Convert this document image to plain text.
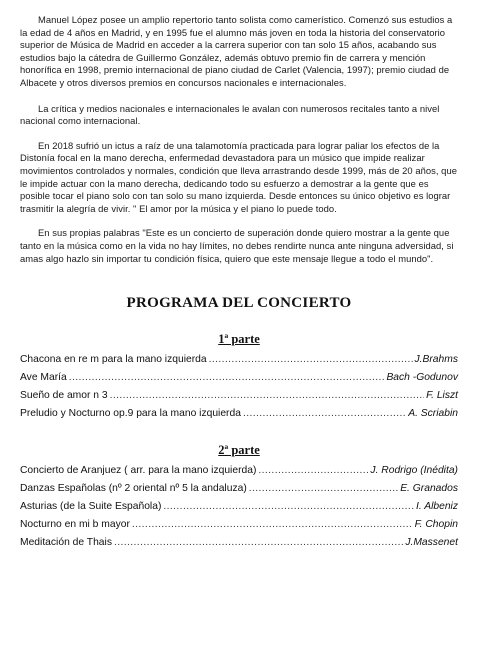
Manuel López posee un amplio repertorio tanto solista como camerístico. Comenzó sus estudios a la edad de 4 años en Madrid, y en 1995 fue el alumno más joven en toda la historia del conservatorio superior de Música de Madrid en acceder a la carrera superior con tan solo 15 años, acabando sus estudios bajo la cátedra de Guillermo González, además obtuvo premio fin de carrera y mención honorífica en 1998, premio internacional de piano ciudad de Carlet (Valencia, 1997); premio ciudad de Albacete y otros diversos premios en concursos nacionales e internacionales.

La crítica y medios nacionales e internacionales le avalan con numerosos recitales tanto a nivel nacional como internacional.

En 2018 sufrió un ictus a raíz de una talamotomía practicada para lograr paliar los efectos de la Distonía focal en la mano derecha, enfermedad devastadora para un músico que impide realizar movimientos controlados y normales, condición que lleva arrastrando desde 1999, más de 20 años, que le impide actuar con la mano derecha, dedicando todo su esfuerzo a demostrar a la gente que es posible tocar el piano solo con tan solo su mano izquierda. Desde entonces su único objetivo es lograr trasmitir la alegría de vivir. " El amor por la música y el piano lo puede todo.

En sus propias palabras "Este es un concierto de superación donde quiero mostrar a la gente que tanto en la música como en la vida no hay límites, no debes rendirte nunca ante ninguna adversidad, si amas algo hazlo sin importar tu condición física, quiero que este mensaje llegue a todo el mundo".

PROGRAMA DEL CONCIERTO
1ª parte
Chacona en re m para la mano izquierda .....	J.Brahms
Ave María .....	Bach -Godunov
Sueño de amor n 3 .....	F. Liszt
Preludio y Nocturno op.9 para la mano izquierda .....	A. Scriabin
2ª parte
Concierto de Aranjuez ( arr. para la mano izquierda) .....	J. Rodrigo (Inédita)
Danzas Españolas (nº 2 oriental nº 5 la andaluza) .....	E. Granados
Asturias (de la Suite Española) .....	I. Albeniz
Nocturno en mi b mayor .....	F. Chopin
Meditación de Thais .....	J.Massenet
